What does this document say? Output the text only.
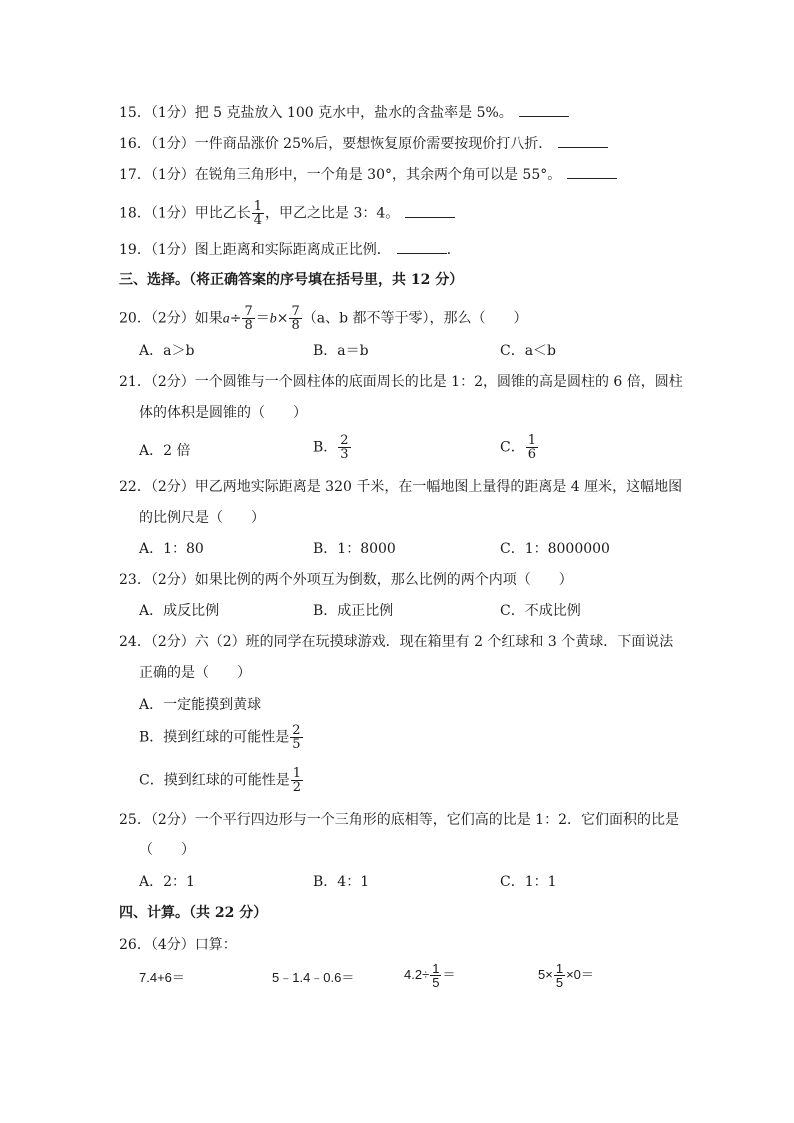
15．（1分）把 5 克盐放入 100 克水中，盐水的含盐率是 5%。
16．（1分）一件商品涨价 25%后，要想恢复原价需要按现价打八折．
17．（1分）在锐角三角形中，一个角是 30°，其余两个角可以是 55°。
18．（1分）甲比乙长 $\frac{1}{4}$ ，甲乙之比是 3：4。
19．（1分）图上距离和实际距离成正比例．	．
三、选择。（将正确答案的序号填在括号里，共 12 分）
20．（2分）如果$a\div \frac{7}{8} =b\times \frac{7}{8} (a$、b 都不等于零），那么（　　）
A．a＞b	B．a＝b	C．a＜b
21．（2分）一个圆锥与一个圆柱体的底面周长的比是 1：2，圆锥的高是圆柱的 6 倍，圆柱
体的体积是圆锥的（　　）
A．2 倍	B． $\frac{2}{3}$	C． $\frac{1}{6}$
22．（2分）甲乙两地实际距离是 320 千米，在一幅地图上量得的距离是 4 厘米，这幅地图
的比例尺是（　　）
A．1：80	B．1：8000	C．1：8000000
23．（2分）如果比例的两个外项互为倒数，那么比例的两个内项（　　）
A．成反比例	B．成正比例	C．不成比例
24．（2分）六（2）班的同学在玩摸球游戏．现在箱里有 2 个红球和 3 个黄球．下面说法
正确的是（　　）
A．一定能摸到黄球
B．摸到红球的可能性是 $\frac{2}{5}$
C．摸到红球的可能性是 $\frac{1}{2}$
25．（2分）一个平行四边形与一个三角形的底相等，它们高的比是 1：2．它们面积的比是
（　　）
A．2：1	B．4：1	C．1：1
四、计算。（共 22 分）
26．（4分）口算：
7.4+6＝	5﹣1.4﹣0.6＝	$4.2\div \frac{1}{5}$ ＝	$5\times \frac{1}{5} \times 0=$
